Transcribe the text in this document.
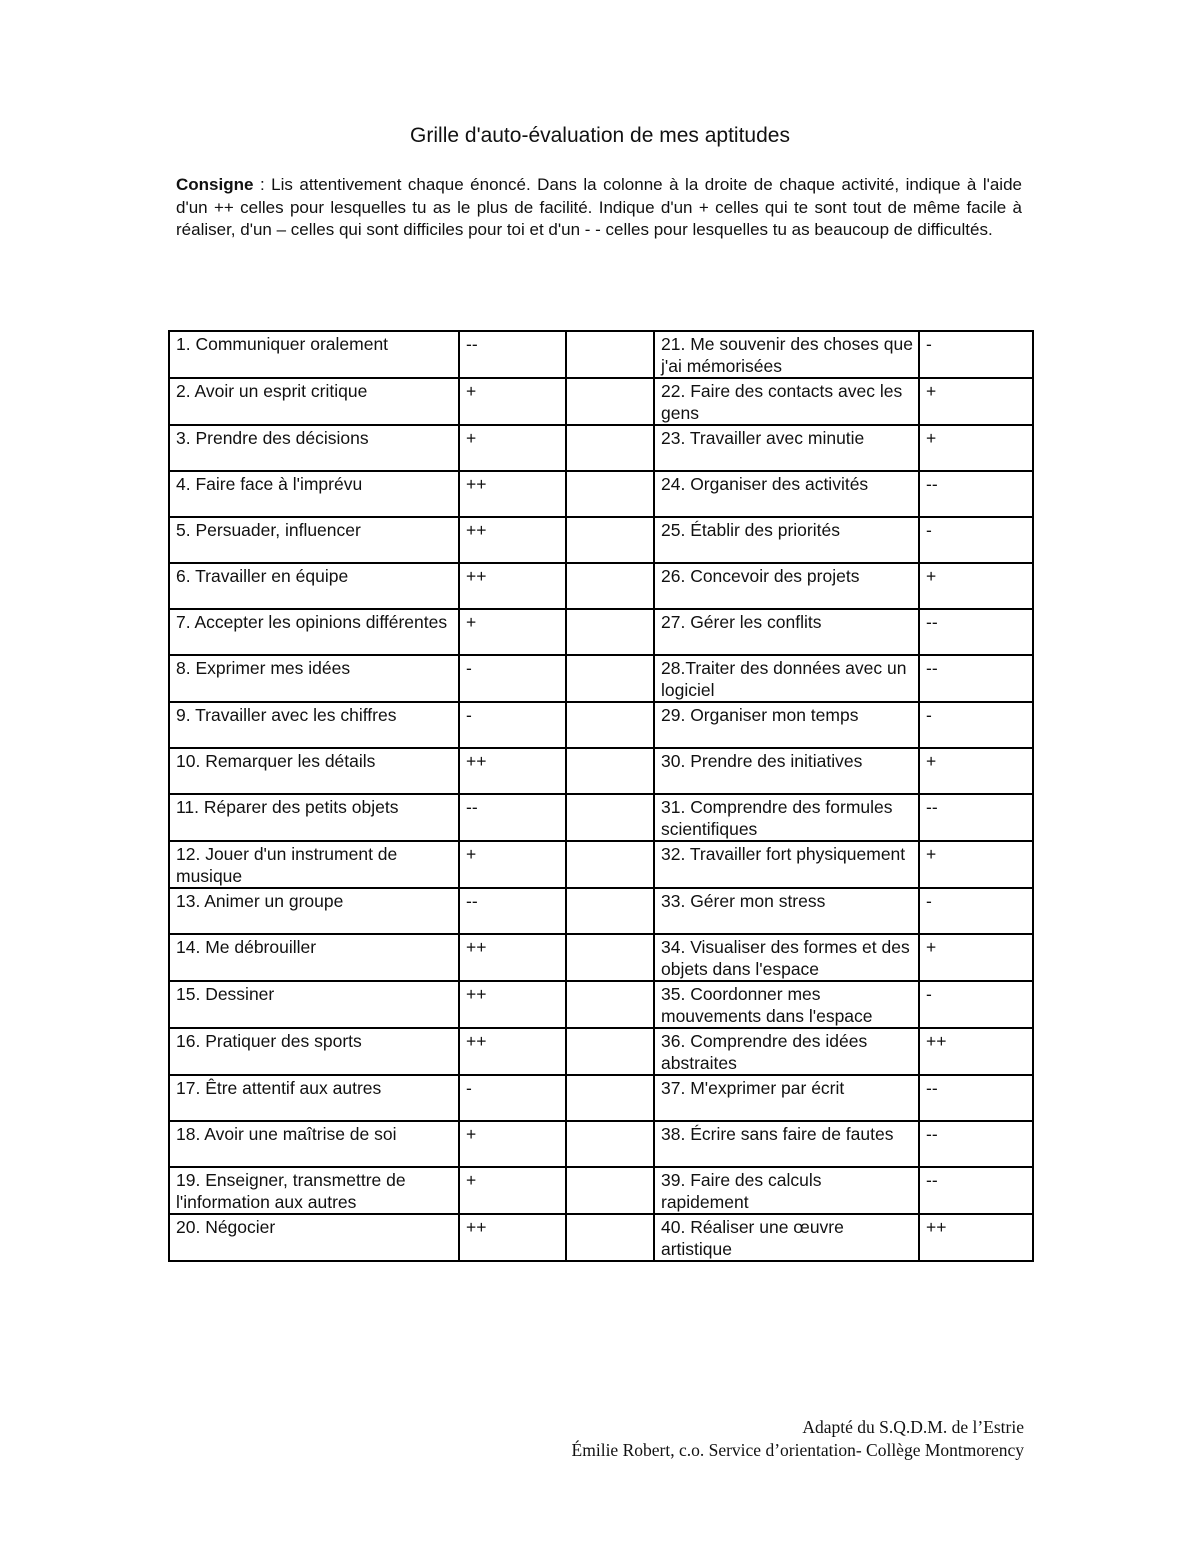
Grille d'auto-évaluation de mes aptitudes
Consigne : Lis attentivement chaque énoncé. Dans la colonne à la droite de chaque activité, indique à l'aide d'un ++ celles pour lesquelles tu as le plus de facilité. Indique d'un + celles qui te sont tout de même facile à réaliser, d'un – celles qui sont difficiles pour toi et d'un - - celles pour lesquelles tu as beaucoup de difficultés.
1. Communiquer oralement	--		21. Me souvenir des choses que j'ai mémorisées	-
2. Avoir un esprit critique	+		22. Faire des contacts avec les gens	+
3. Prendre des décisions	+		23. Travailler avec minutie	+
4. Faire face à l'imprévu	++		24. Organiser des activités	--
5. Persuader, influencer	++		25. Établir des priorités	-
6. Travailler en équipe	++		26. Concevoir des projets	+
7. Accepter les opinions différentes	+		27. Gérer les conflits	--
8. Exprimer mes idées	-		28.Traiter des données avec un logiciel	--
9. Travailler avec les chiffres	-		29. Organiser mon temps	-
10. Remarquer les détails	++		30. Prendre des initiatives	+
11. Réparer des petits objets	--		31. Comprendre des formules scientifiques	--
12. Jouer d'un instrument de musique	+		32. Travailler fort physiquement	+
13. Animer un groupe	--		33. Gérer mon stress	-
14. Me débrouiller	++		34. Visualiser des formes et des objets dans l'espace	+
15. Dessiner	++		35. Coordonner mes mouvements dans l'espace	-
16. Pratiquer des sports	++		36. Comprendre des idées abstraites	++
17. Être attentif aux autres	-		37. M'exprimer par écrit	--
18. Avoir une maîtrise de soi	+		38. Écrire sans faire de fautes	--
19. Enseigner, transmettre de l'information aux autres	+		39. Faire des calculs rapidement	--
20. Négocier	++		40. Réaliser une œuvre artistique	++
Adapté du S.Q.D.M. de l’Estrie
Émilie Robert, c.o. Service d’orientation- Collège Montmorency
